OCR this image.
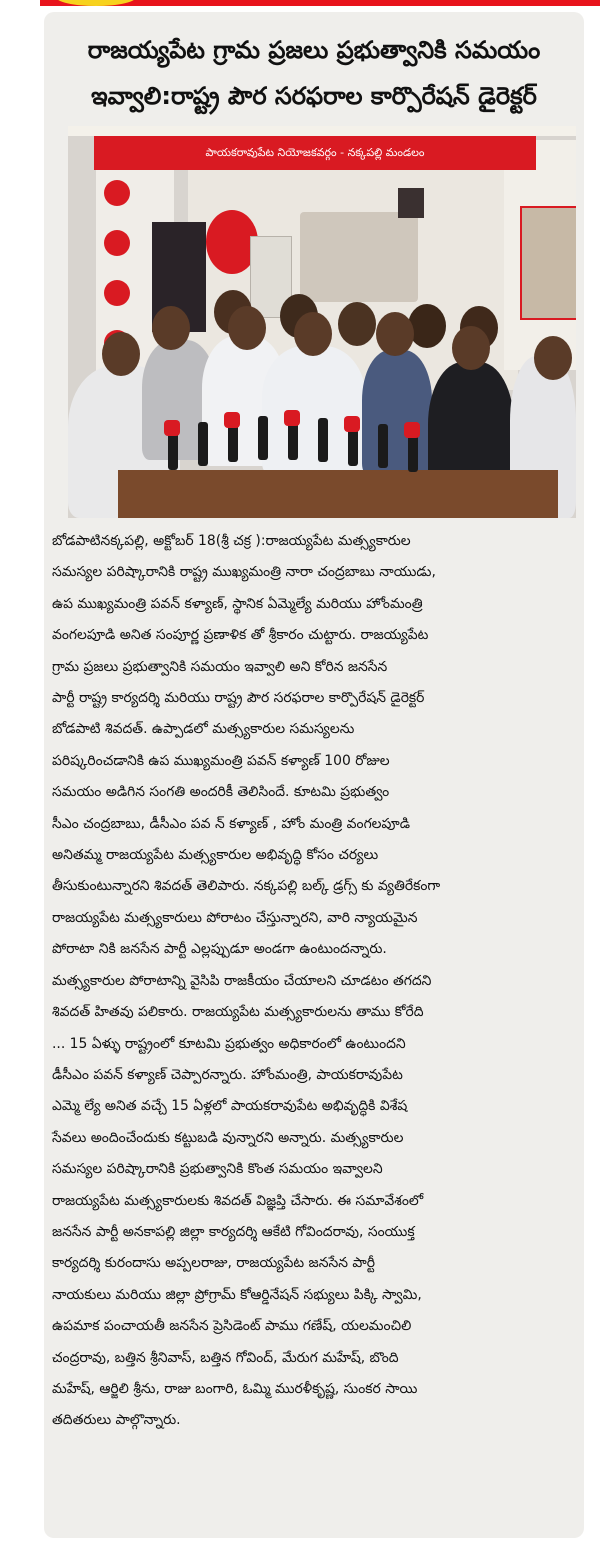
రాజయ్యపేట గ్రామ ప్రజలు ప్రభుత్వానికి సమయం
ఇవ్వాలి:రాష్ట్ర పౌర సరఫరాల కార్పొరేషన్ డైరెక్టర్
పాయకరావుపేట నియోజకవర్గం - నక్కపల్లి మండలం

బోడపాటినక్కపల్లి, అక్టోబర్ 18(శ్రీ చక్ర ):రాజయ్యపేట మత్స్యకారుల

సమస్యల పరిష్కారానికి రాష్ట్ర ముఖ్యమంత్రి నారా చంద్రబాబు నాయుడు,

ఉప ముఖ్యమంత్రి పవన్ కళ్యాణ్, స్థానిక ఏమ్మెల్యే మరియు హోంమంత్రి

వంగలపూడి అనిత సంపూర్ణ ప్రణాళిక తో శ్రీకారం చుట్టారు. రాజయ్యపేట

గ్రామ ప్రజలు ప్రభుత్వానికి సమయం ఇవ్వాలి అని కోరిన జనసేన

పార్టీ రాష్ట్ర కార్యదర్శి మరియు రాష్ట్ర పౌర సరఫరాల కార్పొరేషన్ డైరెక్టర్

బోడపాటి శివదత్. ఉప్పాడలో మత్స్యకారుల సమస్యలను

పరిష్కరించడానికి ఉప ముఖ్యమంత్రి పవన్ కళ్యాణ్ 100 రోజుల

సమయం అడిగిన సంగతి అందరికీ తెలిసిందే. కూటమి ప్రభుత్వం

సీఎం చంద్రబాబు, డీసీఎం పవ న్ కళ్యాణ్ , హోం మంత్రి వంగలపూడి

అనితమ్మ రాజయ్యపేట మత్స్యకారుల అభివృద్ధి కోసం చర్యలు

తీసుకుంటున్నారని శివదత్ తెలిపారు. నక్కపల్లి బల్క్ డ్రగ్స్ కు వ్యతిరేకంగా

రాజయ్యపేట మత్స్యకారులు పోరాటం చేస్తున్నారని, వారి న్యాయమైన

పోరాటా నికి జనసేన పార్టీ ఎల్లప్పుడూ అండగా ఉంటుందన్నారు.

మత్స్యకారుల పోరాటాన్ని వైసిపి రాజకీయం చేయాలని చూడటం తగదని

శివదత్ హితవు పలికారు. రాజయ్యపేట మత్స్యకారులను తాము కోరేది

... 15 ఏళ్ళు రాష్ట్రంలో కూటమి ప్రభుత్వం అధికారంలో ఉంటుందని

డీసీఎం పవన్ కళ్యాణ్ చెప్పారన్నారు. హోంమంత్రి, పాయకరావుపేట

ఎమ్మె ల్యే అనిత వచ్చే 15 ఏళ్లలో పాయకరావుపేట అభివృద్ధికి విశేష

సేవలు అందించేందుకు కట్టుబడి వున్నారని అన్నారు. మత్స్యకారుల

సమస్యల పరిష్కారానికి ప్రభుత్వానికి కొంత సమయం ఇవ్వాలని

రాజయ్యపేట మత్స్యకారులకు శివదత్ విజ్ఞప్తి చేసారు. ఈ సమావేశంలో

జనసేన పార్టీ అనకాపల్లి జిల్లా కార్యదర్శి ఆకేటి గోవిందరావు, సంయుక్త

కార్యదర్శి కురందాసు అప్పలరాజు, రాజయ్యపేట జనసేన పార్టీ

నాయకులు మరియు జిల్లా ప్రోగ్రామ్ కోఆర్డినేషన్ సభ్యులు పిక్కి స్వామి,

ఉపమాక పంచాయతీ జనసేన ప్రెసిడెంట్ పాము గణేష్, యలమంచిలి

చంద్రరావు, బత్తిన శ్రీనివాస్, బత్తిన గోవింద్, మేరుగ మహేష్, బొంది

మహేష్, ఆర్జిలి శ్రీను, రాజు బంగారి, ఓమ్మి మురళీకృష్ణ, సుంకర సాయి

తదితరులు పాల్గొన్నారు.
